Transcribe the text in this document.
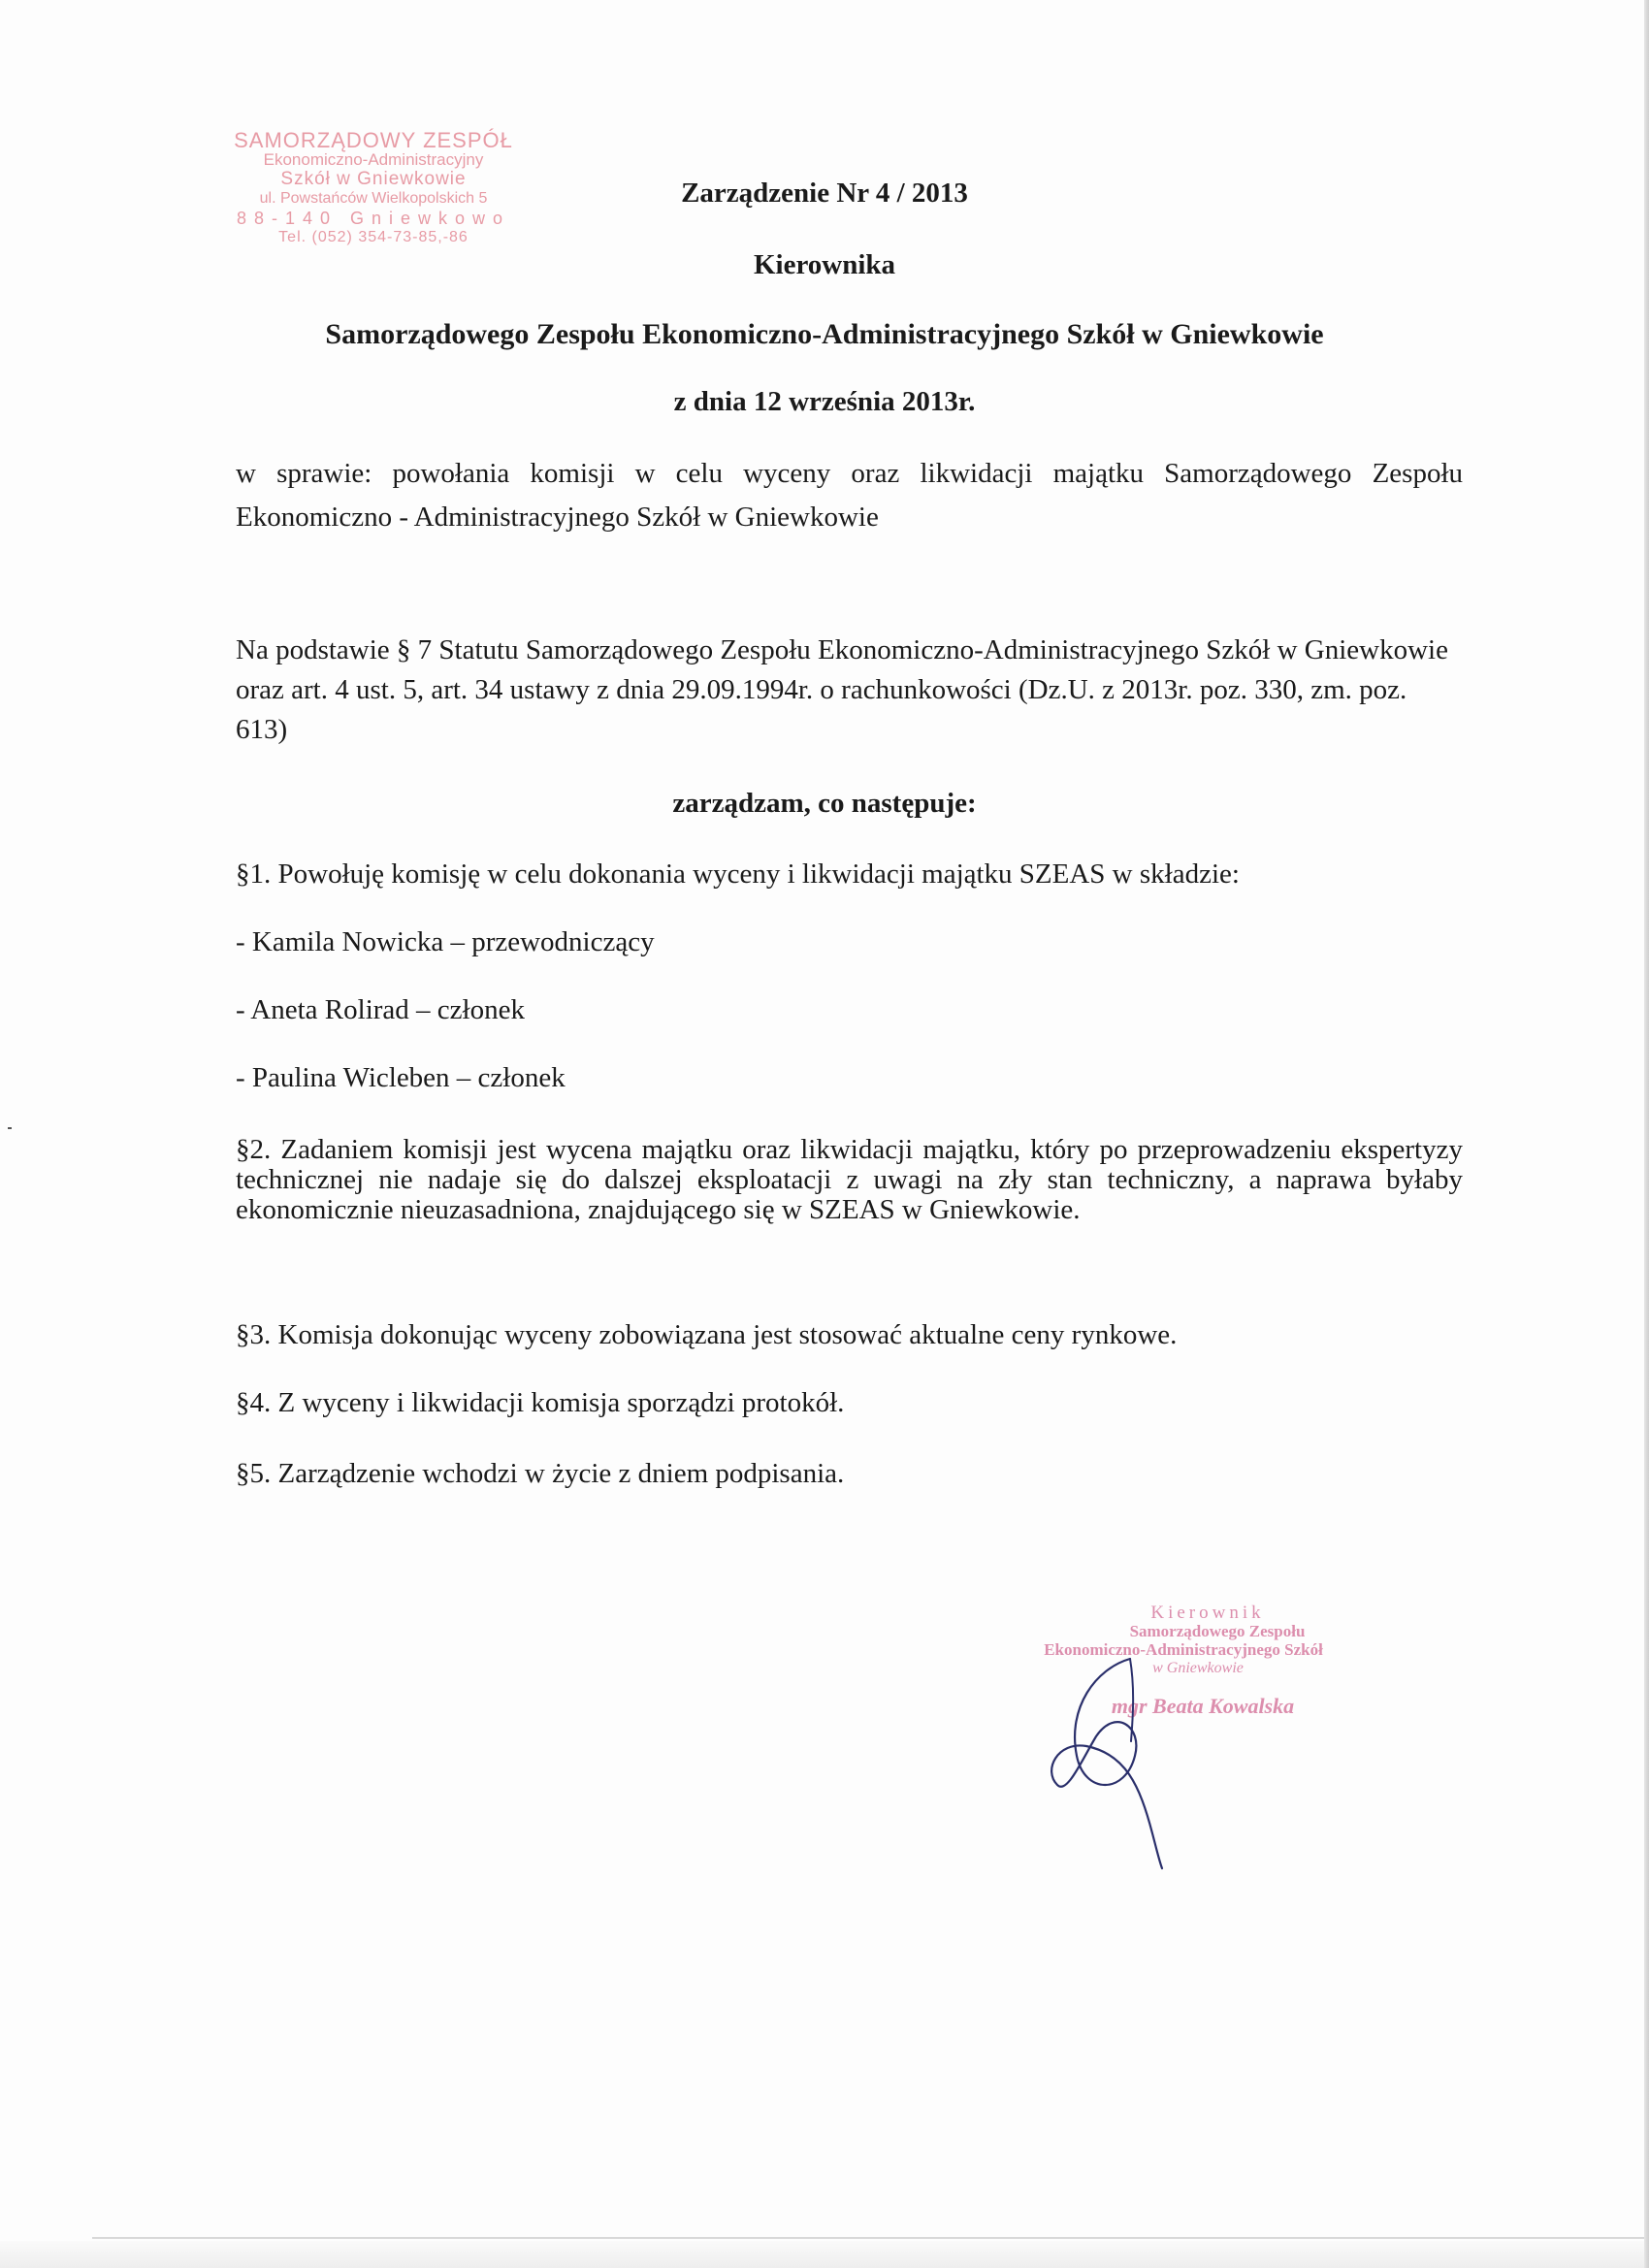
SAMORZĄDOWY ZESPÓŁ
Ekonomiczno-Administracyjny
Szkół w Gniewkowie
ul. Powstańców Wielkopolskich 5
88-140 Gniewkowo
Tel. (052) 354-73-85,-86
Zarządzenie Nr 4 / 2013
Kierownika
Samorządowego Zespołu Ekonomiczno-Administracyjnego Szkół w Gniewkowie
z dnia 12 września 2013r.
w sprawie: powołania komisji w celu wyceny oraz likwidacji majątku Samorządowego Zespołu Ekonomiczno - Administracyjnego Szkół w Gniewkowie
Na podstawie § 7 Statutu Samorządowego Zespołu Ekonomiczno-Administracyjnego Szkół w Gniewkowie oraz art. 4 ust. 5, art. 34 ustawy z dnia 29.09.1994r. o rachunkowości (Dz.U. z 2013r. poz. 330, zm. poz. 613)
zarządzam, co następuje:
§1. Powołuję komisję w celu dokonania wyceny i likwidacji majątku SZEAS w składzie:
- Kamila Nowicka – przewodniczący
- Aneta Rolirad – członek
- Paulina Wicleben – członek
§2. Zadaniem komisji jest wycena majątku oraz likwidacji majątku, który po przeprowadzeniu ekspertyzy technicznej nie nadaje się do dalszej eksploatacji z uwagi na zły stan techniczny, a naprawa byłaby ekonomicznie nieuzasadniona, znajdującego się w SZEAS w Gniewkowie.
§3. Komisja dokonując wyceny zobowiązana jest stosować aktualne ceny rynkowe.
§4. Z wyceny i likwidacji komisja sporządzi protokół.
§5. Zarządzenie wchodzi w życie z dniem podpisania.
Kierownik
Samorządowego Zespołu
Ekonomiczno-Administracyjnego Szkół
w Gniewkowie
mgr Beata Kowalska
